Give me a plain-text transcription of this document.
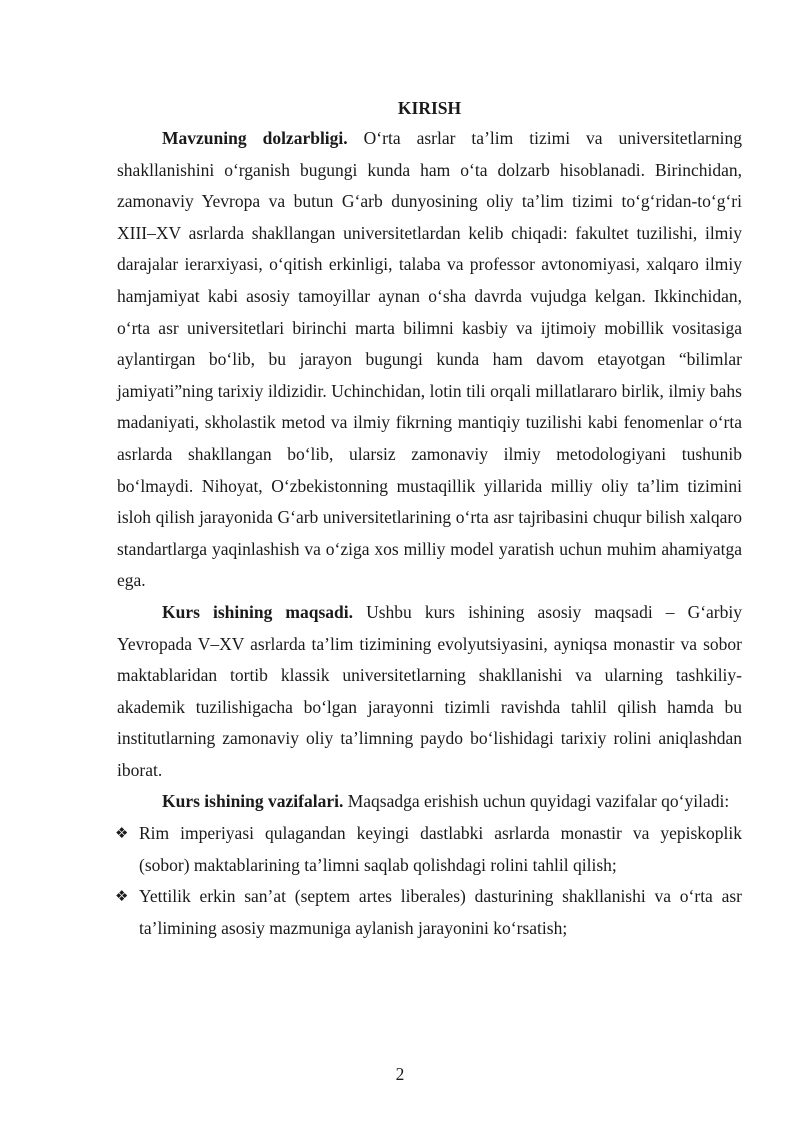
KIRISH

Mavzuning dolzarbligi. O‘rta asrlar ta’lim tizimi va universitetlarning shakllanishini o‘rganish bugungi kunda ham o‘ta dolzarb hisoblanadi. Birinchidan, zamonaviy Yevropa va butun G‘arb dunyosining oliy ta’lim tizimi to‘g‘ridan-to‘g‘ri XIII–XV asrlarda shakllangan universitetlardan kelib chiqadi: fakultet tuzilishi, ilmiy darajalar ierarxiyasi, o‘qitish erkinligi, talaba va professor avtonomiyasi, xalqaro ilmiy hamjamiyat kabi asosiy tamoyillar aynan o‘sha davrda vujudga kelgan. Ikkinchidan, o‘rta asr universitetlari birinchi marta bilimni kasbiy va ijtimoiy mobillik vositasiga aylantirgan bo‘lib, bu jarayon bugungi kunda ham davom etayotgan “bilimlar jamiyati”ning tarixiy ildizidir. Uchinchidan, lotin tili orqali millatlararo birlik, ilmiy bahs madaniyati, skholastik metod va ilmiy fikrning mantiqiy tuzilishi kabi fenomenlar o‘rta asrlarda shakllangan bo‘lib, ularsiz zamonaviy ilmiy metodologiyani tushunib bo‘lmaydi. Nihoyat, O‘zbekistonning mustaqillik yillarida milliy oliy ta’lim tizimini isloh qilish jarayonida G‘arb universitetlarining o‘rta asr tajribasini chuqur bilish xalqaro standartlarga yaqinlashish va o‘ziga xos milliy model yaratish uchun muhim ahamiyatga ega.

Kurs ishining maqsadi. Ushbu kurs ishining asosiy maqsadi – G‘arbiy Yevropada V–XV asrlarda ta’lim tizimining evolyutsiyasini, ayniqsa monastir va sobor maktablaridan tortib klassik universitetlarning shakllanishi va ularning tashkiliy-akademik tuzilishigacha bo‘lgan jarayonni tizimli ravishda tahlil qilish hamda bu institutlarning zamonaviy oliy ta’limning paydo bo‘lishidagi tarixiy rolini aniqlashdan iborat.

Kurs ishining vazifalari. Maqsadga erishish uchun quyidagi vazifalar qo‘yiladi:

❖ Rim imperiyasi qulagandan keyingi dastlabki asrlarda monastir va yepiskoplik (sobor) maktablarining ta’limni saqlab qolishdagi rolini tahlil qilish;
❖ Yettilik erkin san’at (septem artes liberales) dasturining shakllanishi va o‘rta asr ta’limining asosiy mazmuniga aylanish jarayonini ko‘rsatish;
2
